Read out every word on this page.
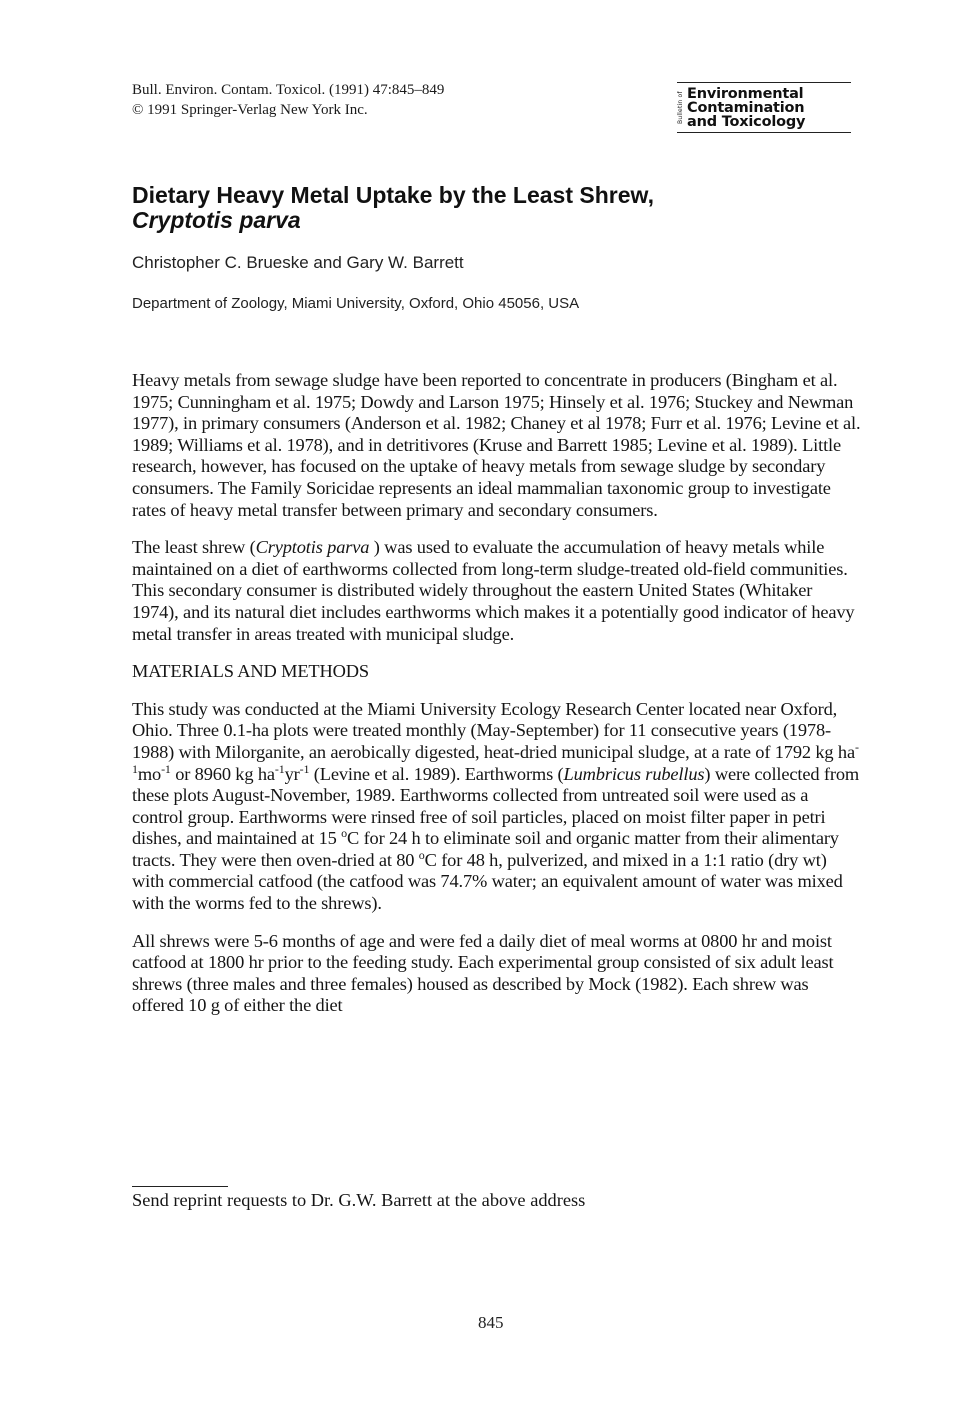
Bull. Environ. Contam. Toxicol. (1991) 47:845–849
© 1991 Springer-Verlag New York Inc.	Bulletin of Environmental
Contamination
and Toxicology
Dietary Heavy Metal Uptake by the Least Shrew,
Cryptotis parva
Christopher C. Brueske and Gary W. Barrett
Department of Zoology, Miami University, Oxford, Ohio 45056, USA

Heavy metals from sewage sludge have been reported to concentrate in producers (Bingham et al. 1975; Cunningham et al. 1975; Dowdy and Larson 1975; Hinsely et al. 1976; Stuckey and Newman 1977), in primary consumers (Anderson et al. 1982; Chaney et al 1978; Furr et al. 1976; Levine et al. 1989; Williams et al. 1978), and in detritivores (Kruse and Barrett 1985; Levine et al. 1989). Little research, however, has focused on the uptake of heavy metals from sewage sludge by secondary consumers. The Family Soricidae represents an ideal mammalian taxonomic group to investigate rates of heavy metal transfer between primary and secondary consumers.

The least shrew (Cryptotis parva ) was used to evaluate the accumulation of heavy metals while maintained on a diet of earthworms collected from long-term sludge-treated old-field communities. This secondary consumer is distributed widely throughout the eastern United States (Whitaker 1974), and its natural diet includes earthworms which makes it a potentially good indicator of heavy metal transfer in areas treated with municipal sludge.

MATERIALS AND METHODS

This study was conducted at the Miami University Ecology Research Center located near Oxford, Ohio. Three 0.1-ha plots were treated monthly (May-September) for 11 consecutive years (1978-1988) with Milorganite, an aerobically digested, heat-dried municipal sludge, at a rate of 1792 kg $ha^{-1}mo^{-1}$ or 8960 kg $ha^{-1}yr^{-1}$ (Levine et al. 1989). Earthworms (Lumbricus rubellus) were collected from these plots August-November, 1989. Earthworms collected from untreated soil were used as a control group. Earthworms were rinsed free of soil particles, placed on moist filter paper in petri dishes, and maintained at 15 $^o$C for 24 h to eliminate soil and organic matter from their alimentary tracts. They were then oven-dried at 80 $^o$C for 48 h, pulverized, and mixed in a 1:1 ratio (dry wt) with commercial catfood (the catfood was 74.7% water; an equivalent amount of water was mixed with the worms fed to the shrews).

All shrews were 5-6 months of age and were fed a daily diet of meal worms at 0800 hr and moist catfood at 1800 hr prior to the feeding study. Each experimental group consisted of six adult least shrews (three males and three females) housed as described by Mock (1982). Each shrew was offered 10 g of either the diet

Send reprint requests to Dr. G.W. Barrett at the above address
845
